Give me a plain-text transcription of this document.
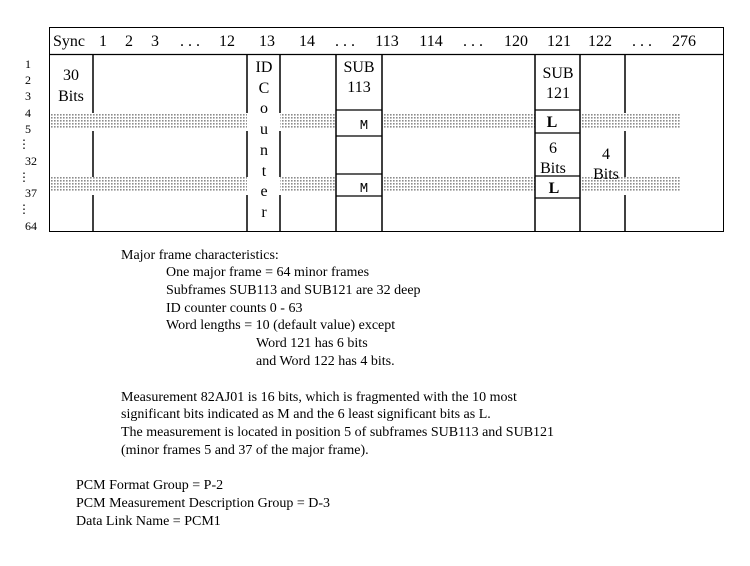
Sync 1 2 3 . . . 12 13 14 . . . 113 114 . . . 120 121 122 . . . 276
1
2
3
4
5
⋮
32
⋮
37
⋮
64
30
Bits
ID
C
o
u
n
t
e
r
SUB
113
SUB
121
6
Bits
4
Bits
M
M
L
L
Major frame characteristics:
One major frame = 64 minor frames
Subframes SUB113 and SUB121 are 32 deep
ID counter counts 0 - 63
Word lengths = 10 (default value) except
Word 121 has 6 bits
and Word 122 has 4 bits.
Measurement 82AJ01 is 16 bits, which is fragmented with the 10 most
significant bits indicated as M and the 6 least significant bits as L.
The measurement is located in position 5 of subframes SUB113 and SUB121
(minor frames 5 and 37 of the major frame).
PCM Format Group = P-2
PCM Measurement Description Group = D-3
Data Link Name = PCM1
